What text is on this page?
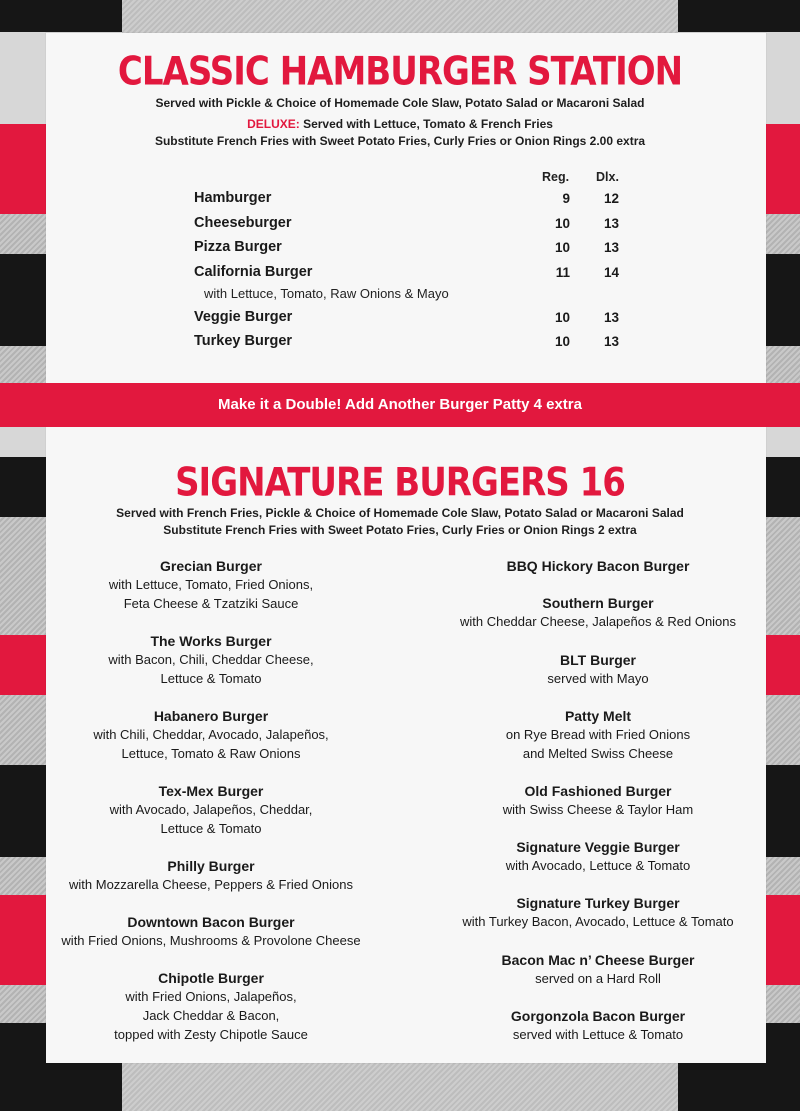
CLASSIC HAMBURGER STATION
Served with Pickle & Choice of Homemade Cole Slaw, Potato Salad or Macaroni Salad
DELUXE: Served with Lettuce, Tomato & French Fries
Substitute French Fries with Sweet Potato Fries, Curly Fries or Onion Rings 2.00 extra
Reg. Dlx.
Hamburger	9	12
Cheeseburger	10	13
Pizza Burger	10	13
California Burger	11	14
with Lettuce, Tomato, Raw Onions & Mayo
Veggie Burger	10	13
Turkey Burger	10	13
Make it a Double! Add Another Burger Patty 4 extra
SIGNATURE BURGERS 16
Served with French Fries, Pickle & Choice of Homemade Cole Slaw, Potato Salad or Macaroni Salad
Substitute French Fries with Sweet Potato Fries, Curly Fries or Onion Rings 2 extra
Grecian Burger
with Lettuce, Tomato, Fried Onions,
Feta Cheese & Tzatziki Sauce
The Works Burger
with Bacon, Chili, Cheddar Cheese,
Lettuce & Tomato
Habanero Burger
with Chili, Cheddar, Avocado, Jalapeños,
Lettuce, Tomato & Raw Onions
Tex-Mex Burger
with Avocado, Jalapeños, Cheddar,
Lettuce & Tomato
Philly Burger
with Mozzarella Cheese, Peppers & Fried Onions
Downtown Bacon Burger
with Fried Onions, Mushrooms & Provolone Cheese
Chipotle Burger
with Fried Onions, Jalapeños,
Jack Cheddar & Bacon,
topped with Zesty Chipotle Sauce
BBQ Hickory Bacon Burger
Southern Burger
with Cheddar Cheese, Jalapeños & Red Onions
BLT Burger
served with Mayo
Patty Melt
on Rye Bread with Fried Onions
and Melted Swiss Cheese
Old Fashioned Burger
with Swiss Cheese & Taylor Ham
Signature Veggie Burger
with Avocado, Lettuce & Tomato
Signature Turkey Burger
with Turkey Bacon, Avocado, Lettuce & Tomato
Bacon Mac n’ Cheese Burger
served on a Hard Roll
Gorgonzola Bacon Burger
served with Lettuce & Tomato
